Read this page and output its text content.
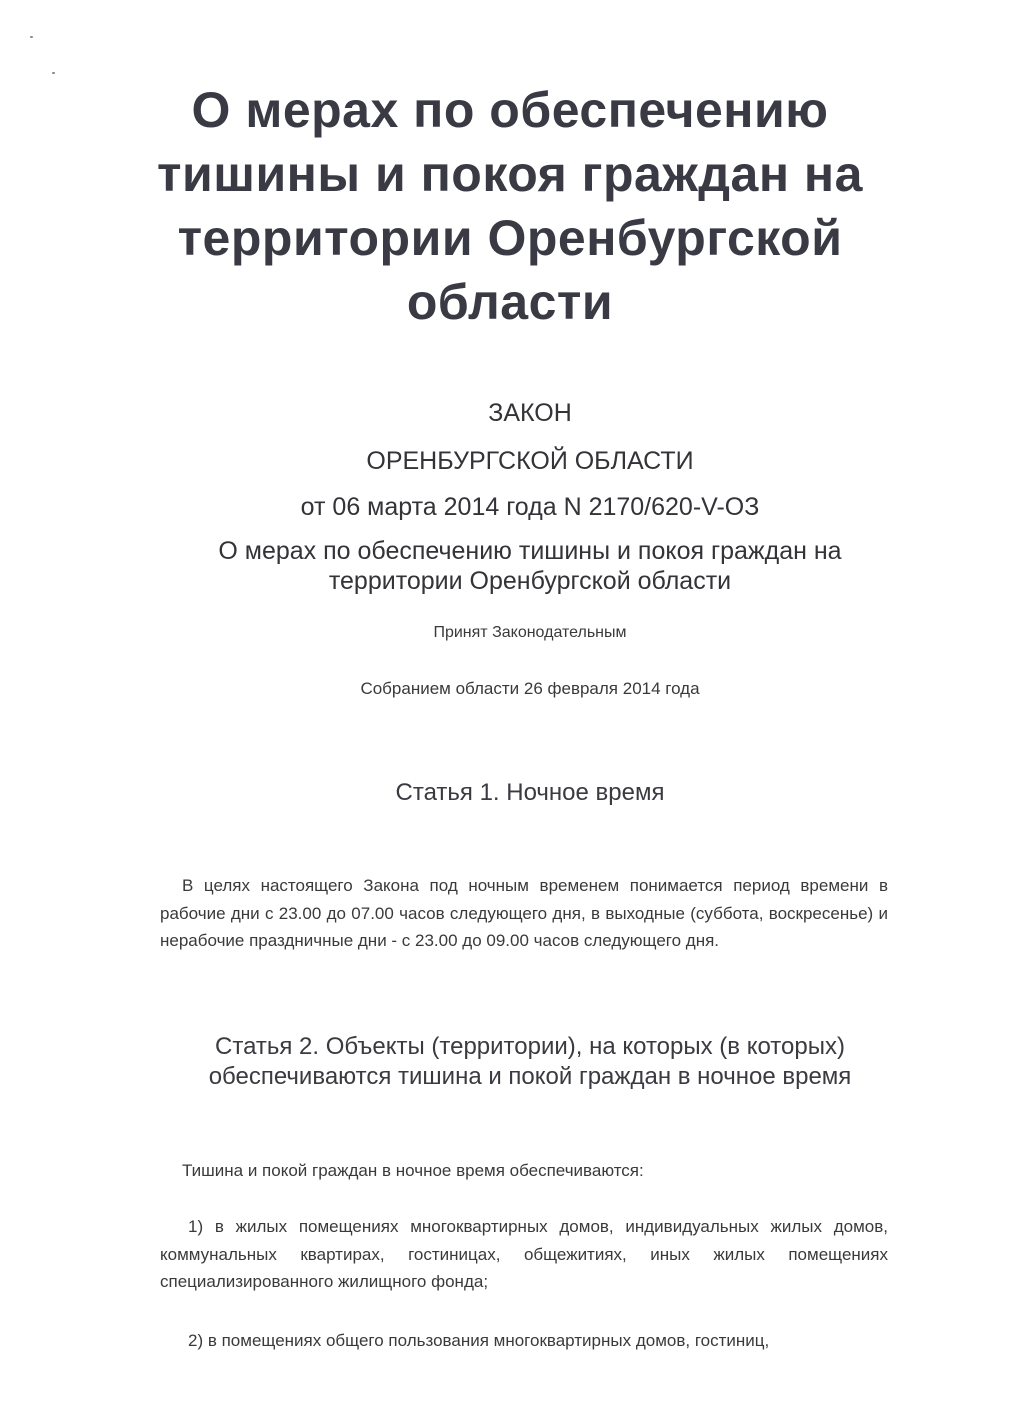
О мерах по обеспечению тишины и покоя граждан на территории Оренбургской области
ЗАКОН
ОРЕНБУРГСКОЙ ОБЛАСТИ
от 06 марта 2014 года N 2170/620-V-ОЗ
О мерах по обеспечению тишины и покоя граждан на территории Оренбургской области
Принят Законодательным
Собранием области 26 февраля 2014 года
Статья 1. Ночное время

В целях настоящего Закона под ночным временем понимается период времени в рабочие дни с 23.00 до 07.00 часов следующего дня, в выходные (суббота, воскресенье) и нерабочие праздничные дни - с 23.00 до 09.00 часов следующего дня.

Статья 2. Объекты (территории), на которых (в которых) обеспечиваются тишина и покой граждан в ночное время

Тишина и покой граждан в ночное время обеспечиваются:

1) в жилых помещениях многоквартирных домов, индивидуальных жилых домов, коммунальных квартирах, гостиницах, общежитиях, иных жилых помещениях специализированного жилищного фонда;

2) в помещениях общего пользования многоквартирных домов, гостиниц,
